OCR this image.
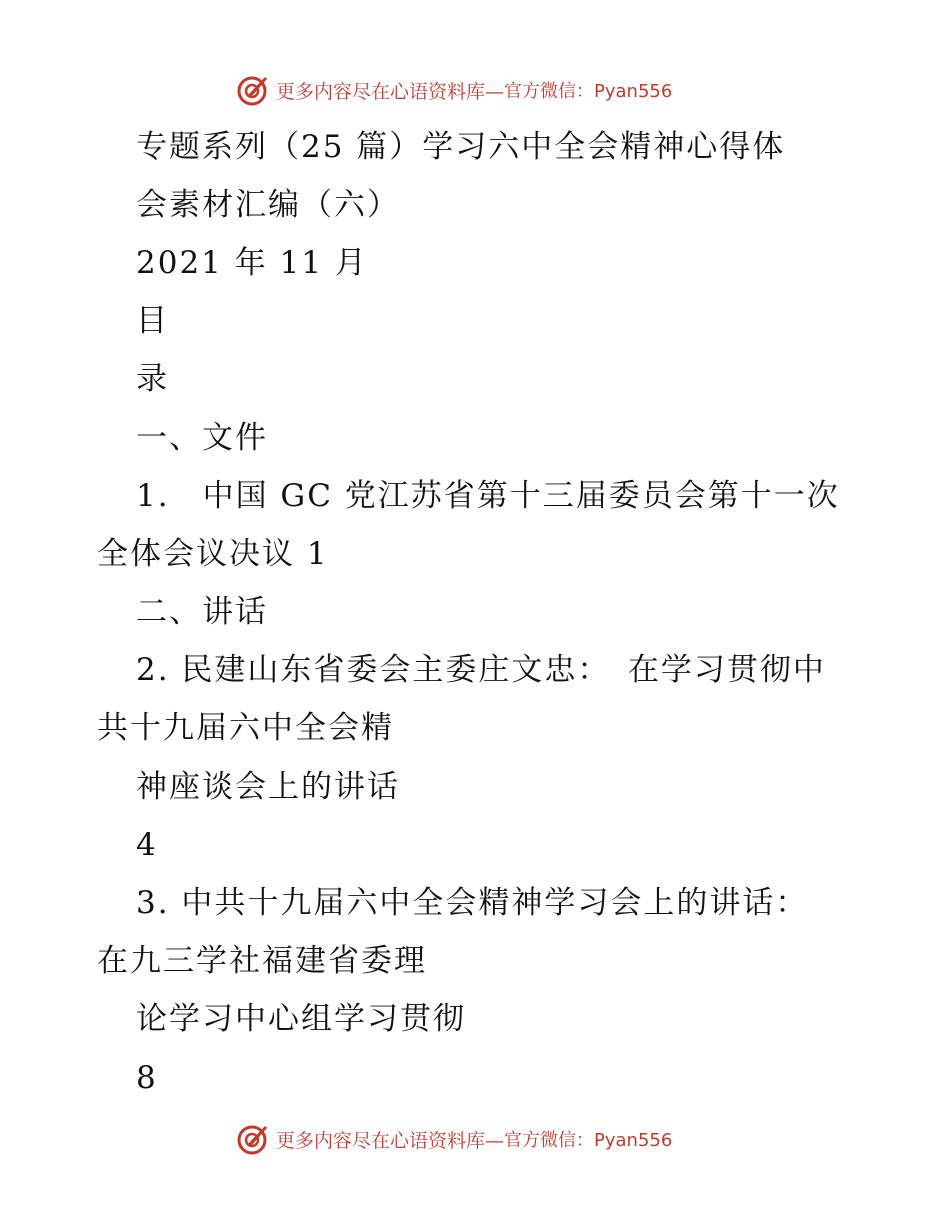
更多内容尽在心语资料库— 官方微信：Pyan556
专题系列（25 篇）学习六中全会精神心得体
会素材汇编（六）
2021 年 11 月
目
录
一、文件
1.　中国 GC 党江苏省第十三届委员会第十一次
全体会议决议 1
二、讲话
2. 民建山东省委会主委庄文忠：　在学习贯彻中
共十九届六中全会精
神座谈会上的讲话
4
3. 中共十九届六中全会精神学习会上的讲话：
在九三学社福建省委理
论学习中心组学习贯彻
8
更多内容尽在心语资料库— 官方微信：Pyan556
